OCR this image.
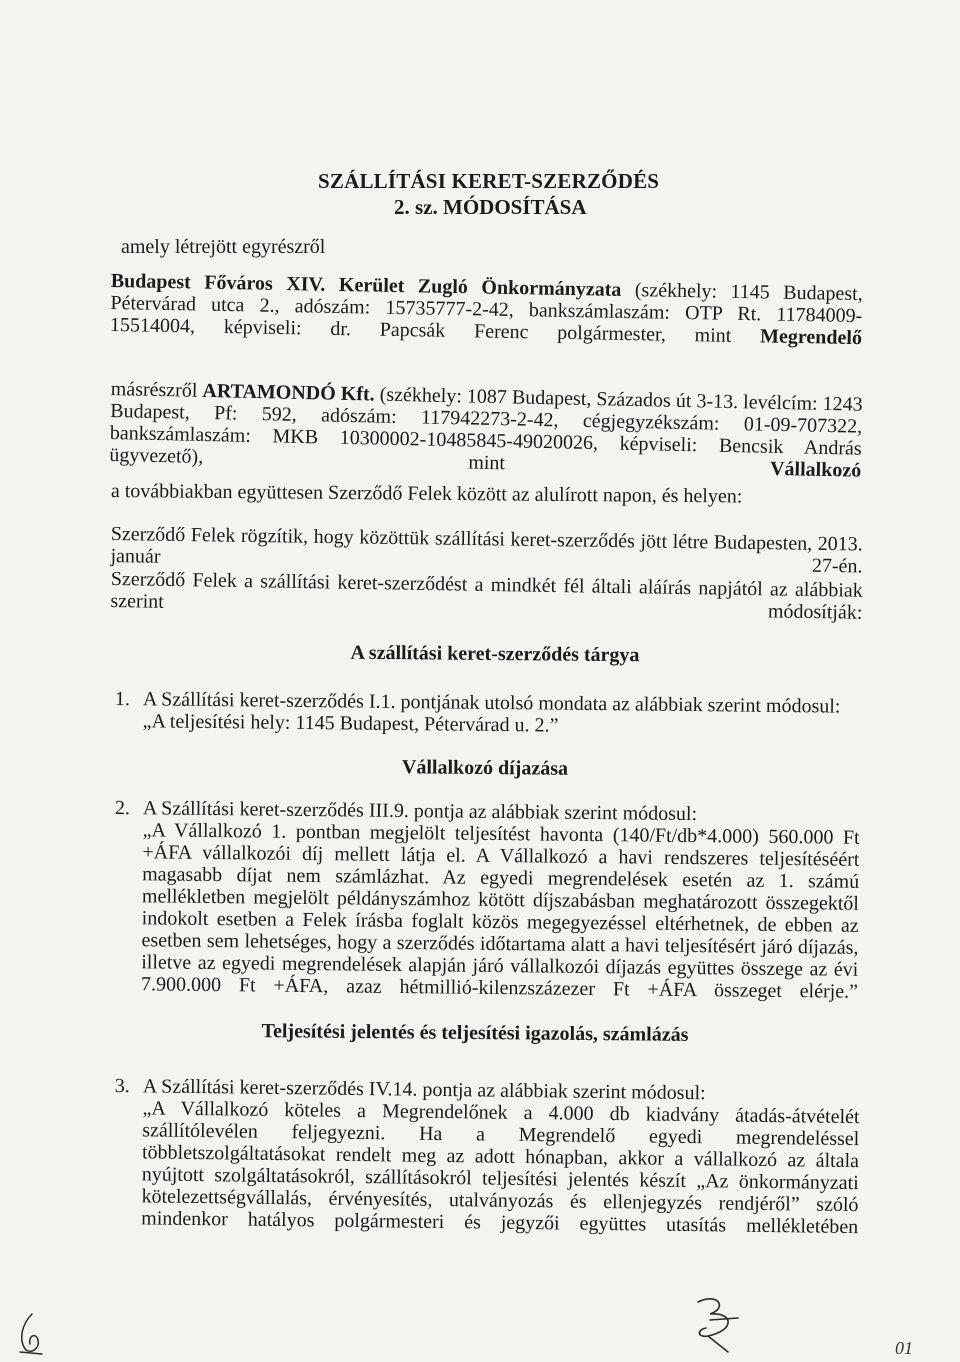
SZÁLLÍTÁSI KERET-SZERZŐDÉS
2. sz. MÓDOSÍTÁSA
amely létrejött egyrészről
Budapest Főváros XIV. Kerület Zugló Önkormányzata (székhely: 1145 Budapest, Pétervárad utca 2., adószám: 15735777-2-42, bankszámlaszám: OTP Rt. 11784009-15514004, képviseli: dr. Papcsák Ferenc polgármester, mint Megrendelő
másrészről ARTAMONDÓ Kft. (székhely: 1087 Budapest, Százados út 3-13. levélcím: 1243 Budapest, Pf: 592, adószám: 117942273-2-42, cégjegyzékszám: 01-09-707322, bankszámlaszám: MKB 10300002-10485845-49020026, képviseli: Bencsik András ügyvezető), mint Vállalkozó
a továbbiakban együttesen Szerződő Felek között az alulírott napon, és helyen:
Szerződő Felek rögzítik, hogy közöttük szállítási keret-szerződés jött létre Budapesten, 2013. január 27-én.
Szerződő Felek a szállítási keret-szerződést a mindkét fél általi aláírás napjától az alábbiak szerint módosítják:
A szállítási keret-szerződés tárgya
1. A Szállítási keret-szerződés I.1. pontjának utolsó mondata az alábbiak szerint módosul:
„A teljesítési hely: 1145 Budapest, Pétervárad u. 2.”
Vállalkozó díjazása
2. A Szállítási keret-szerződés III.9. pontja az alábbiak szerint módosul:
„A Vállalkozó 1. pontban megjelölt teljesítést havonta (140/Ft/db*4.000) 560.000 Ft +ÁFA vállalkozói díj mellett látja el. A Vállalkozó a havi rendszeres teljesítéséért magasabb díjat nem számlázhat. Az egyedi megrendelések esetén az 1. számú mellékletben megjelölt példányszámhoz kötött díjszabásban meghatározott összegektől indokolt esetben a Felek írásba foglalt közös megegyezéssel eltérhetnek, de ebben az esetben sem lehetséges, hogy a szerződés időtartama alatt a havi teljesítésért járó díjazás, illetve az egyedi megrendelések alapján járó vállalkozói díjazás együttes összege az évi 7.900.000 Ft +ÁFA, azaz hétmillió-kilenzszázezer Ft +ÁFA összeget elérje.”
Teljesítési jelentés és teljesítési igazolás, számlázás
3. A Szállítási keret-szerződés IV.14. pontja az alábbiak szerint módosul:
„A Vállalkozó köteles a Megrendelőnek a 4.000 db kiadvány átadás-átvételét szállítólevélen feljegyezni. Ha a Megrendelő egyedi megrendeléssel többletszolgáltatásokat rendelt meg az adott hónapban, akkor a vállalkozó az általa nyújtott szolgáltatásokról, szállításokról teljesítési jelentés készít „Az önkormányzati kötelezettségvállalás, érvényesítés, utalványozás és ellenjegyzés rendjéről” szóló mindenkor hatályos polgármesteri és jegyzői együttes utasítás mellékletében
01
